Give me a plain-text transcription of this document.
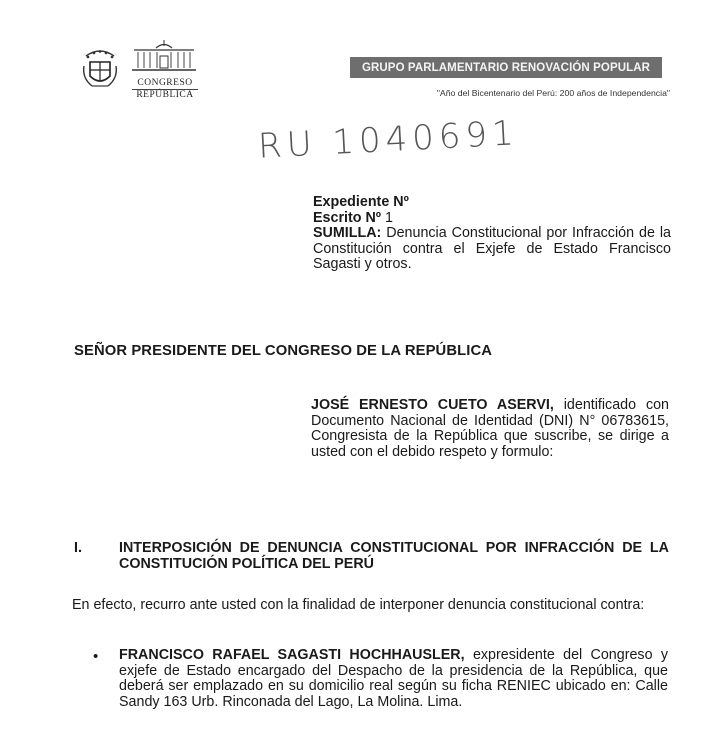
CONGRESO
REPÚBLICA
GRUPO PARLAMENTARIO RENOVACIÓN POPULAR
"Año del Bicentenario del Perú: 200 años de Independencia"
RU 1040691
Expediente Nº
Escrito Nº 1
SUMILLA: Denuncia Constitucional por Infracción de la Constitución contra el Exjefe de Estado Francisco Sagasti y otros.
SEÑOR PRESIDENTE DEL CONGRESO DE LA REPÚBLICA
JOSÉ ERNESTO CUETO ASERVI, identificado con Documento Nacional de Identidad (DNI) N° 06783615, Congresista de la República que suscribe, se dirige a usted con el debido respeto y formulo:
I.	INTERPOSICIÓN DE DENUNCIA CONSTITUCIONAL POR INFRACCIÓN DE LA CONSTITUCIÓN POLÍTICA DEL PERÚ
En efecto, recurro ante usted con la finalidad de interponer denuncia constitucional contra:
• FRANCISCO RAFAEL SAGASTI HOCHHAUSLER, expresidente del Congreso y exjefe de Estado encargado del Despacho de la presidencia de la República, que deberá ser emplazado en su domicilio real según su ficha RENIEC ubicado en: Calle Sandy 163 Urb. Rinconada del Lago, La Molina. Lima.
